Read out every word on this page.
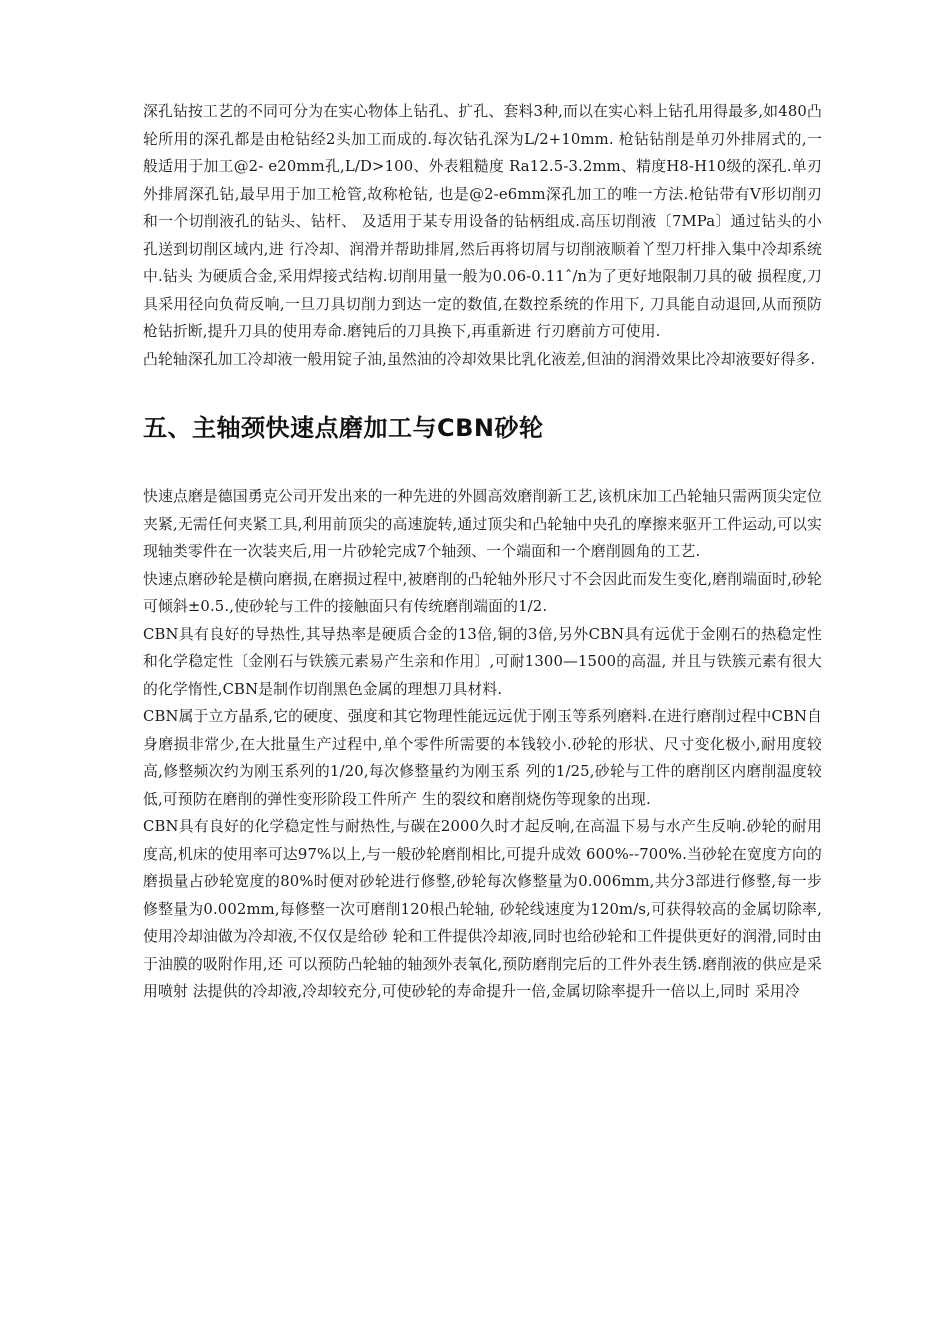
深孔钻按工艺的不同可分为在实心物体上钻孔、扩孔、套料3种,而以在实心料上钻孔用得最多,如480凸轮所用的深孔都是由枪钻经2头加工而成的.每次钻孔深为L/2+10mm. 枪钻钻削是单刃外排屑式的,一般适用于加工@2- e20mm孔,L/D>100、外表粗糙度 Ra12.5-3.2mm、精度H8-H10级的深孔.单刃外排屑深孔钻,最早用于加工枪管,故称枪钻, 也是@2-e6mm深孔加工的唯一方法.枪钻带有V形切削刃和一个切削液孔的钻头、钻杆、 及适用于某专用设备的钻柄组成.高压切削液〔7MPa〕通过钻头的小孔送到切削区域内,进 行冷却、润滑并帮助排屑,然后再将切屑与切削液顺着丫型刀杆排入集中冷却系统中.钻头 为硬质合金,采用焊接式结构.切削用量一般为0.06-0.11ˆ/n为了更好地限制刀具的破 损程度,刀具采用径向负荷反响,一旦刀具切削力到达一定的数值,在数控系统的作用下, 刀具能自动退回,从而预防枪钻折断,提升刀具的使用寿命.磨钝后的刀具换下,再重新进 行刃磨前方可使用.

凸轮轴深孔加工冷却液一般用锭子油,虽然油的冷却效果比乳化液差,但油的润滑效果比冷却液要好得多.

五、主轴颈快速点磨加工与CBN砂轮

快速点磨是德国勇克公司开发出来的一种先进的外圆高效磨削新工艺,该机床加工凸轮轴只需两顶尖定位夹紧,无需任何夹紧工具,利用前顶尖的高速旋转,通过顶尖和凸轮轴中央孔的摩擦来驱开工件运动,可以实现轴类零件在一次装夹后,用一片砂轮完成7个轴颈、一个端面和一个磨削圆角的工艺.

快速点磨砂轮是横向磨损,在磨损过程中,被磨削的凸轮轴外形尺寸不会因此而发生变化,磨削端面时,砂轮可倾斜±0.5.,使砂轮与工件的接触面只有传统磨削端面的1/2.

CBN具有良好的导热性,其导热率是硬质合金的13倍,铜的3倍,另外CBN具有远优于金刚石的热稳定性和化学稳定性〔金刚石与铁簇元素易产生亲和作用〕,可耐1300—1500的高温, 并且与铁簇元素有很大的化学惰性,CBN是制作切削黑色金属的理想刀具材料.

CBN属于立方晶系,它的硬度、强度和其它物理性能远远优于刚玉等系列磨料.在进行磨削过程中CBN自身磨损非常少,在大批量生产过程中,单个零件所需要的本钱较小.砂轮的形状、尺寸变化极小,耐用度较高,修整频次约为刚玉系列的1/20,每次修整量约为刚玉系 列的1/25,砂轮与工件的磨削区内磨削温度较低,可预防在磨削的弹性变形阶段工件所产 生的裂纹和磨削烧伤等现象的出现.

CBN具有良好的化学稳定性与耐热性,与碳在2000久时才起反响,在高温下易与水产生反响.砂轮的耐用度高,机床的使用率可达97%以上,与一般砂轮磨削相比,可提升成效 600%--700%.当砂轮在宽度方向的磨损量占砂轮宽度的80%时便对砂轮进行修整,砂轮每次修整量为0.006mm,共分3部进行修整,每一步修整量为0.002mm,每修整一次可磨削120根凸轮轴, 砂轮线速度为120m/s,可获得较高的金属切除率,使用冷却油做为冷却液,不仅仅是给砂 轮和工件提供冷却液,同时也给砂轮和工件提供更好的润滑,同时由于油膜的吸附作用,还 可以预防凸轮轴的轴颈外表氧化,预防磨削完后的工件外表生锈.磨削液的供应是采用喷射 法提供的冷却液,冷却较充分,可使砂轮的寿命提升一倍,金属切除率提升一倍以上,同时 采用冷
